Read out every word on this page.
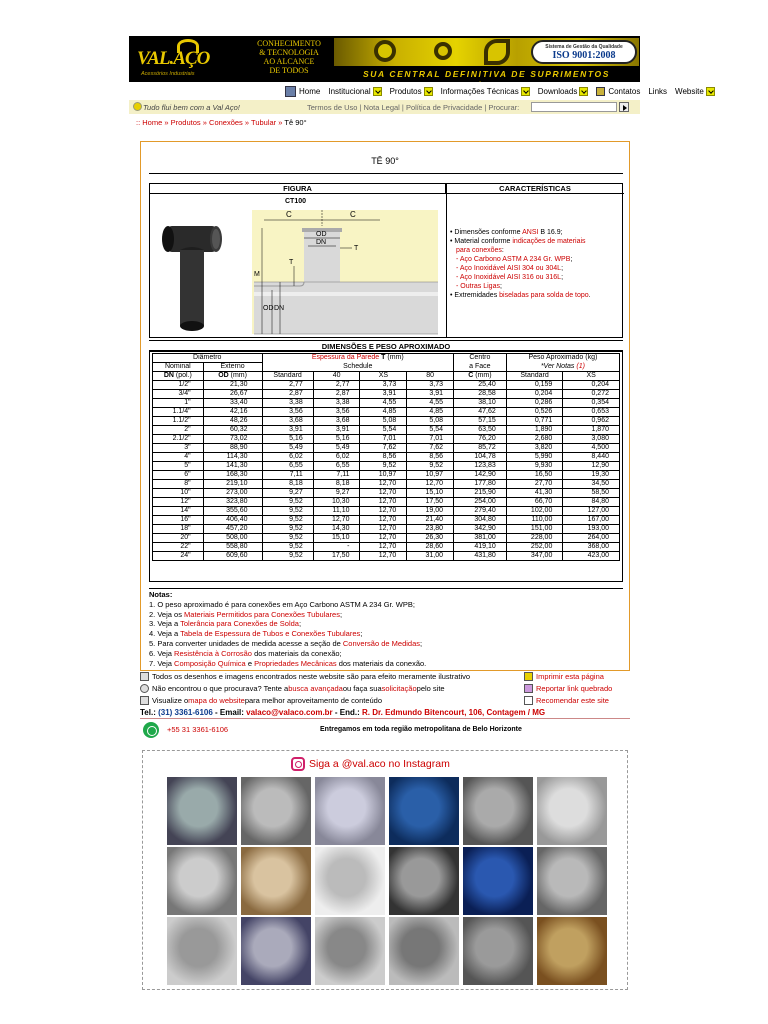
VAL.AÇO
Acessórios Industriais
CONHECIMENTO
& TECNOLOGIA
AO ALCANCE
DE TODOS
Sistema de Gestão da Qualidade
ISO 9001:2008
SUA CENTRAL DEFINITIVA DE SUPRIMENTOS
Home Institucional Produtos Informações Técnicas Downloads	Contatos Links Website
Tudo flui bem com a Val Aço!	Termos de Uso | Nota Legal | Política de Privacidade | Procurar:
:: Home » Produtos » Conexões » Tubular » Tê 90°
TÊ 90°
FIGURA	CARACTERÍSTICAS
CT100
C	C
OD
DN
T
T
M
OD DN
• Dimensões conforme ANSI B 16.9;
• Material conforme indicações de materiais
para conexões:
- Aço Carbono ASTM A 234 Gr. WPB;
- Aço Inoxidável AISI 304 ou 304L;
- Aço Inoxidável AISI 316 ou 316L;
- Outras Ligas;
• Extremidades biseladas para solda de topo.
DIMENSÕES E PESO APROXIMADO
Diâmetro		Espessura da Parede T (mm)				Centro	Peso Aproximado (kg)	
Nominal	Externo	Schedule				a Face	*Ver Notas (1)	
DN (pol.)	OD (mm)	Standard	40	XS	80	C (mm)	Standard	XS
1/2"	21,30	2,77	2,77	3,73	3,73	25,40	0,159	0,204
3/4"	26,67	2,87	2,87	3,91	3,91	28,58	0,204	0,272
1"	33,40	3,38	3,38	4,55	4,55	38,10	0,286	0,354
1.1/4"	42,16	3,56	3,56	4,85	4,85	47,62	0,526	0,653
1.1/2"	48,26	3,68	3,68	5,08	5,08	57,15	0,771	0,962
2"	60,32	3,91	3,91	5,54	5,54	63,50	1,890	1,870
2.1/2"	73,02	5,16	5,16	7,01	7,01	76,20	2,680	3,080
3"	88,90	5,49	5,49	7,62	7,62	85,72	3,820	4,500
4"	114,30	6,02	6,02	8,56	8,56	104,78	5,990	8,440
5"	141,30	6,55	6,55	9,52	9,52	123,83	9,930	12,90
6"	168,30	7,11	7,11	10,97	10,97	142,90	16,50	19,30
8"	219,10	8,18	8,18	12,70	12,70	177,80	27,70	34,50
10"	273,00	9,27	9,27	12,70	15,10	215,90	41,30	58,50
12"	323,80	9,52	10,30	12,70	17,50	254,00	66,70	84,80
14"	355,60	9,52	11,10	12,70	19,00	279,40	102,00	127,00
16"	406,40	9,52	12,70	12,70	21,40	304,80	110,00	167,00
18"	457,20	9,52	14,30	12,70	23,80	342,90	151,00	193,00
20"	508,00	9,52	15,10	12,70	26,30	381,00	228,00	264,00
22"	558,80	9,52	-	12,70	28,60	419,10	252,00	368,00
24"	609,60	9,52	17,50	12,70	31,00	431,80	347,00	423,00
Notas:
1. O peso aproximado é para conexões em Aço Carbono ASTM A 234 Gr. WPB;
2. Veja os Materiais Permitidos para Conexões Tubulares;
3. Veja a Tolerância para Conexões de Solda;
4. Veja a Tabela de Espessura de Tubos e Conexões Tubulares;
5. Para converter unidades de medida acesse a seção de Conversão de Medidas;
6. Veja Resistência à Corrosão dos materiais da conexão;
7. Veja Composição Química e Propriedades Mecânicas dos materiais da conexão.
Todos os desenhos e imagens encontrados neste website são para efeito meramente ilustrativo
Não encontrou o que procurava? Tente a busca avançada ou faça sua solicitação pelo site
Visualize o mapa do website para melhor aproveitamento de conteúdo
Imprimir esta página
Reportar link quebrado
Recomendar este site
Tel.: (31) 3361-6106 - Email: valaco@valaco.com.br - End.: R. Dr. Edmundo Bitencourt, 106, Contagem / MG
+55 31 3361-6106	Entregamos em toda região metropolitana de Belo Horizonte
Siga a @val.aco no Instagram
